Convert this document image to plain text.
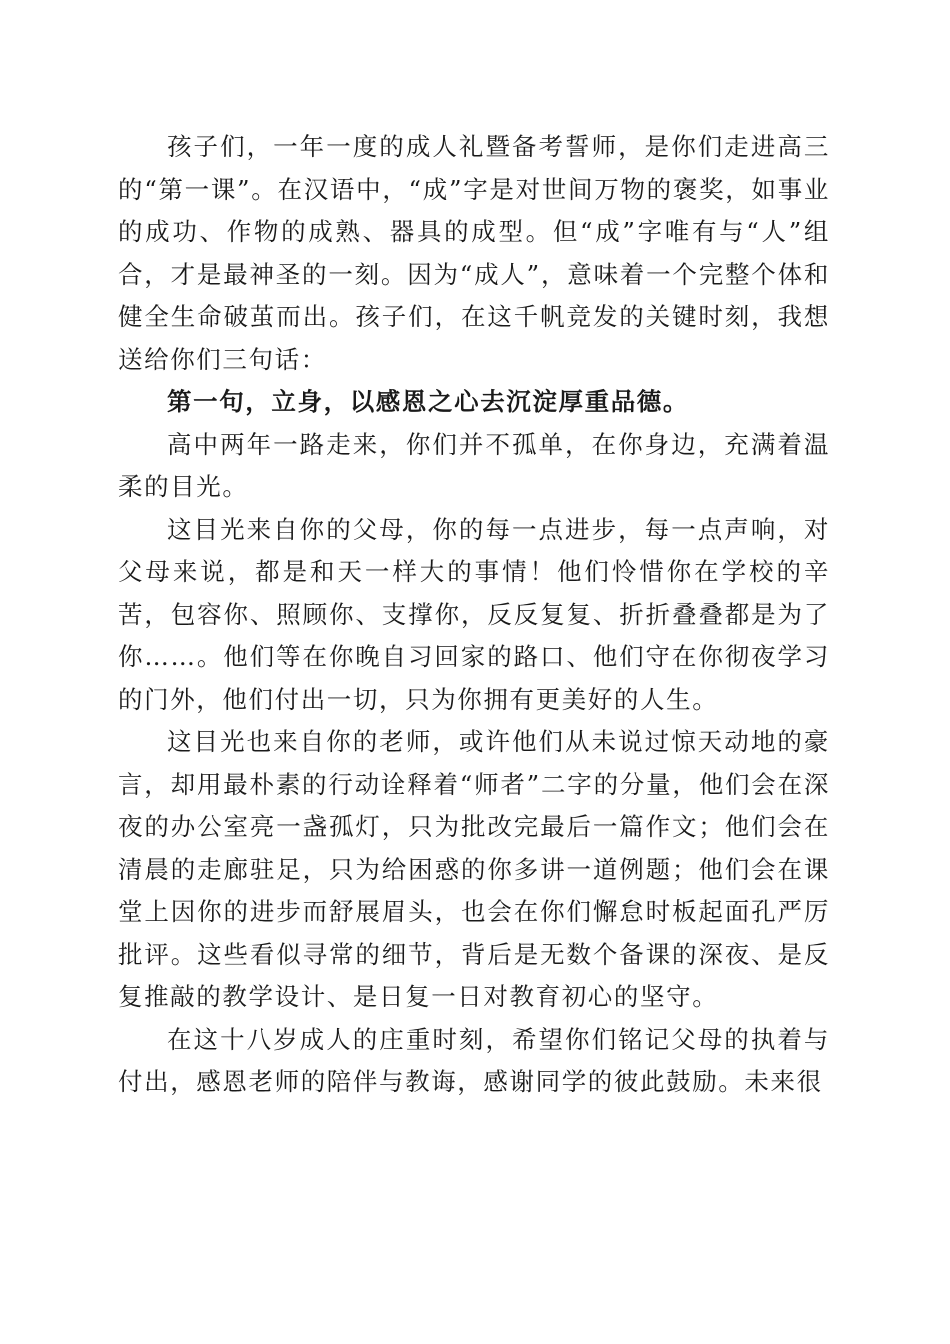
孩子们，一年一度的成人礼暨备考誓师，是你们走进高三的“第一课”。在汉语中，“成”字是对世间万物的褒奖，如事业的成功、作物的成熟、器具的成型。但“成”字唯有与“人”组合，才是最神圣的一刻。因为“成人”，意味着一个完整个体和健全生命破茧而出。孩子们，在这千帆竞发的关键时刻，我想送给你们三句话：

第一句，立身，以感恩之心去沉淀厚重品德。

高中两年一路走来，你们并不孤单，在你身边，充满着温柔的目光。

这目光来自你的父母，你的每一点进步，每一点声响，对父母来说，都是和天一样大的事情！他们怜惜你在学校的辛苦，包容你、照顾你、支撑你，反反复复、折折叠叠都是为了你……。他们等在你晚自习回家的路口、他们守在你彻夜学习的门外，他们付出一切，只为你拥有更美好的人生。

这目光也来自你的老师，或许他们从未说过惊天动地的豪言，却用最朴素的行动诠释着“师者”二字的分量，他们会在深夜的办公室亮一盏孤灯，只为批改完最后一篇作文；他们会在清晨的走廊驻足，只为给困惑的你多讲一道例题；他们会在课堂上因你的进步而舒展眉头，也会在你们懈怠时板起面孔严厉批评。这些看似寻常的细节，背后是无数个备课的深夜、是反复推敲的教学设计、是日复一日对教育初心的坚守。

在这十八岁成人的庄重时刻，希望你们铭记父母的执着与付出，感恩老师的陪伴与教诲，感谢同学的彼此鼓励。未来很
